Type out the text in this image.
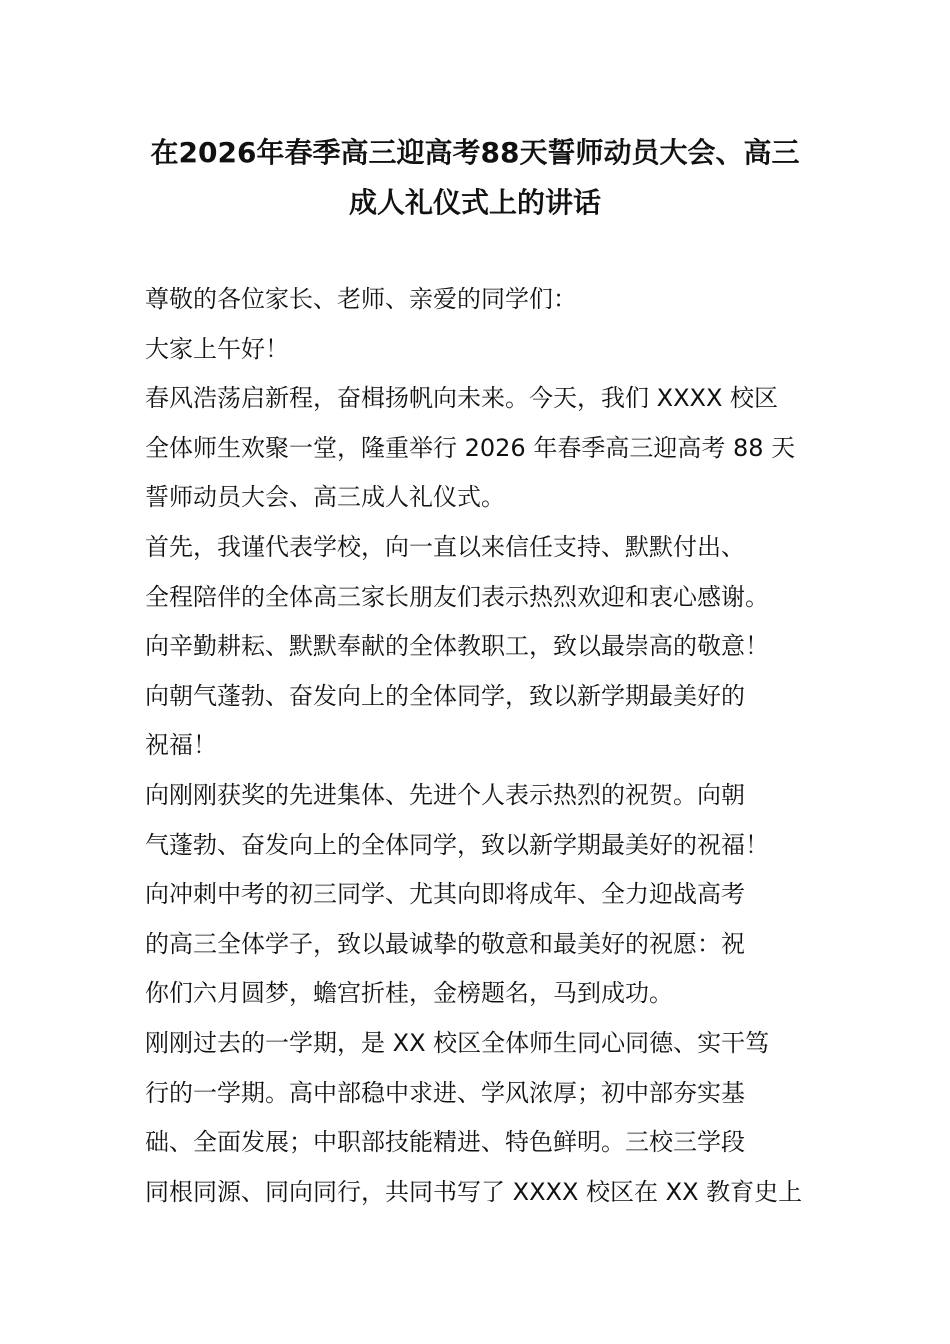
在2026年春季高三迎高考88天誓师动员大会、高三
成人礼仪式上的讲话
尊敬的各位家长、老师、亲爱的同学们：
大家上午好！
春风浩荡启新程，奋楫扬帆向未来。今天，我们 XXXX 校区
全体师生欢聚一堂，隆重举行 2026 年春季高三迎高考 88 天
誓师动员大会、高三成人礼仪式。
首先，我谨代表学校，向一直以来信任支持、默默付出、
全程陪伴的全体高三家长朋友们表示热烈欢迎和衷心感谢。
向辛勤耕耘、默默奉献的全体教职工，致以最崇高的敬意！
向朝气蓬勃、奋发向上的全体同学，致以新学期最美好的
祝福！
向刚刚获奖的先进集体、先进个人表示热烈的祝贺。向朝
气蓬勃、奋发向上的全体同学，致以新学期最美好的祝福！
向冲刺中考的初三同学、尤其向即将成年、全力迎战高考
的高三全体学子，致以最诚挚的敬意和最美好的祝愿：祝
你们六月圆梦，蟾宫折桂，金榜题名，马到成功。
刚刚过去的一学期，是 XX 校区全体师生同心同德、实干笃
行的一学期。高中部稳中求进、学风浓厚；初中部夯实基
础、全面发展；中职部技能精进、特色鲜明。三校三学段
同根同源、同向同行，共同书写了 XXXX 校区在 XX 教育史上
